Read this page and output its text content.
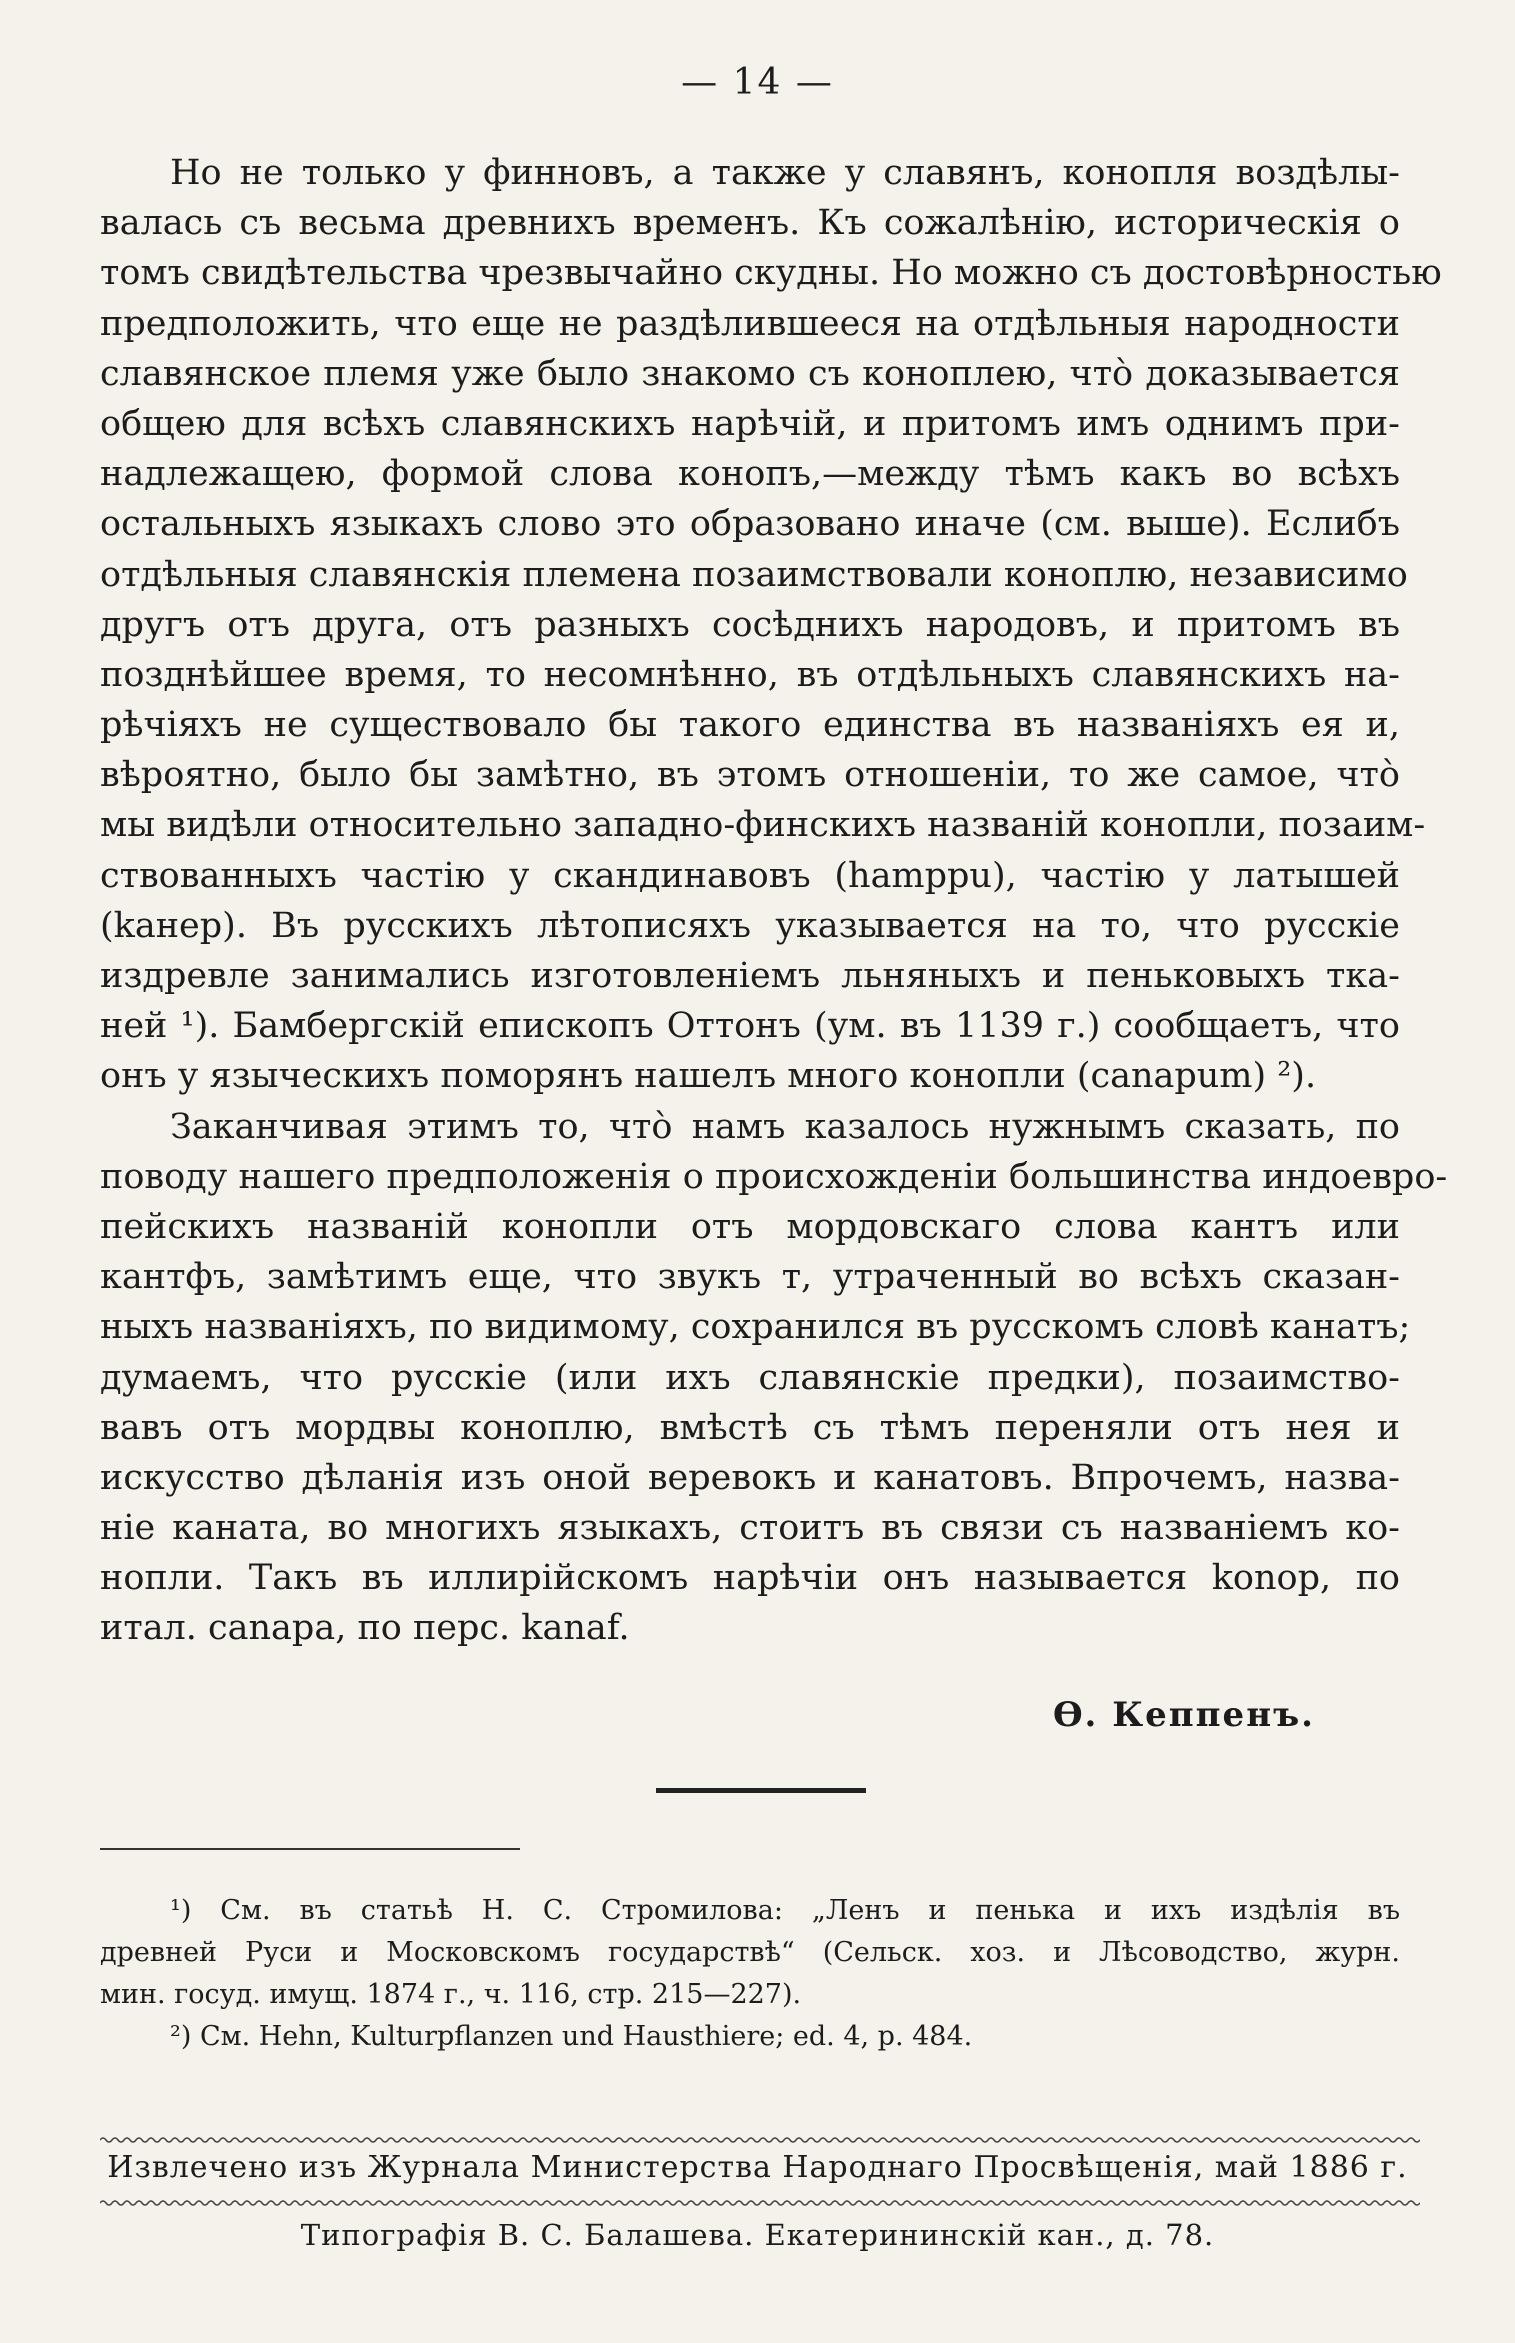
— 14 —
Но не только у финновъ, а также у славянъ, конопля воздѣлы-
валась съ весьма древнихъ временъ. Къ сожалѣнію, историческія о
томъ свидѣтельства чрезвычайно скудны. Но можно съ достовѣрностью
предположить, что еще не раздѣлившееся на отдѣльныя народности
славянское племя уже было знакомо съ коноплею, что̀ доказывается
общею для всѣхъ славянскихъ нарѣчій, и притомъ имъ однимъ при-
надлежащею, формой слова конопъ,—между тѣмъ какъ во всѣхъ
остальныхъ языкахъ слово это образовано иначе (см. выше). Еслибъ
отдѣльныя славянскія племена позаимствовали коноплю, независимо
другъ отъ друга, отъ разныхъ сосѣднихъ народовъ, и притомъ въ
позднѣйшее время, то несомнѣнно, въ отдѣльныхъ славянскихъ на-
рѣчіяхъ не существовало бы такого единства въ названіяхъ ея и,
вѣроятно, было бы замѣтно, въ этомъ отношеніи, то же самое, что̀
мы видѣли относительно западно-финскихъ названій конопли, позаим-
ствованныхъ частію у скандинавовъ (hamppu), частію у латышей
(kaнep). Въ русскихъ лѣтописяхъ указывается на то, что русскіе
издревле занимались изготовленіемъ льняныхъ и пеньковыхъ тка-
ней ¹). Бамбергскій епископъ Оттонъ (ум. въ 1139 г.) сообщаетъ, что
онъ у языческихъ поморянъ нашелъ много конопли (canapum) ²).
Заканчивая этимъ то, что̀ намъ казалось нужнымъ сказать, по
поводу нашего предположенія о происхожденіи большинства индоевро-
пейскихъ названій конопли отъ мордовскаго слова кантъ или
кантфъ, замѣтимъ еще, что звукъ т, утраченный во всѣхъ сказан-
ныхъ названіяхъ, по видимому, сохранился въ русскомъ словѣ канатъ;
думаемъ, что русскіе (или ихъ славянскіе предки), позаимство-
вавъ отъ мордвы коноплю, вмѣстѣ съ тѣмъ переняли отъ нея и
искусство дѣланія изъ оной веревокъ и канатовъ. Впрочемъ, назва-
ніе каната, во многихъ языкахъ, стоитъ въ связи съ названіемъ ко-
нопли. Такъ въ иллирійскомъ нарѣчіи онъ называется konop, по
итал. canapa, по перс. kanaf.
Ѳ. Кеппенъ.
¹) См. въ статьѣ Н. С. Стромилова: „Ленъ и пенька и ихъ издѣлія въ
древней Руси и Московскомъ государствѣ“ (Сельск. хоз. и Лѣсоводство, журн.
мин. госуд. имущ. 1874 г., ч. 116, стр. 215—227).
²) См. Hehn, Kulturpflanzen und Hausthiere; ed. 4, p. 484.
Извлечено изъ Журнала Министерства Народнаго Просвѣщенія, май 1886 г.
Типографія В. С. Балашева. Екатерининскій кан., д. 78.
